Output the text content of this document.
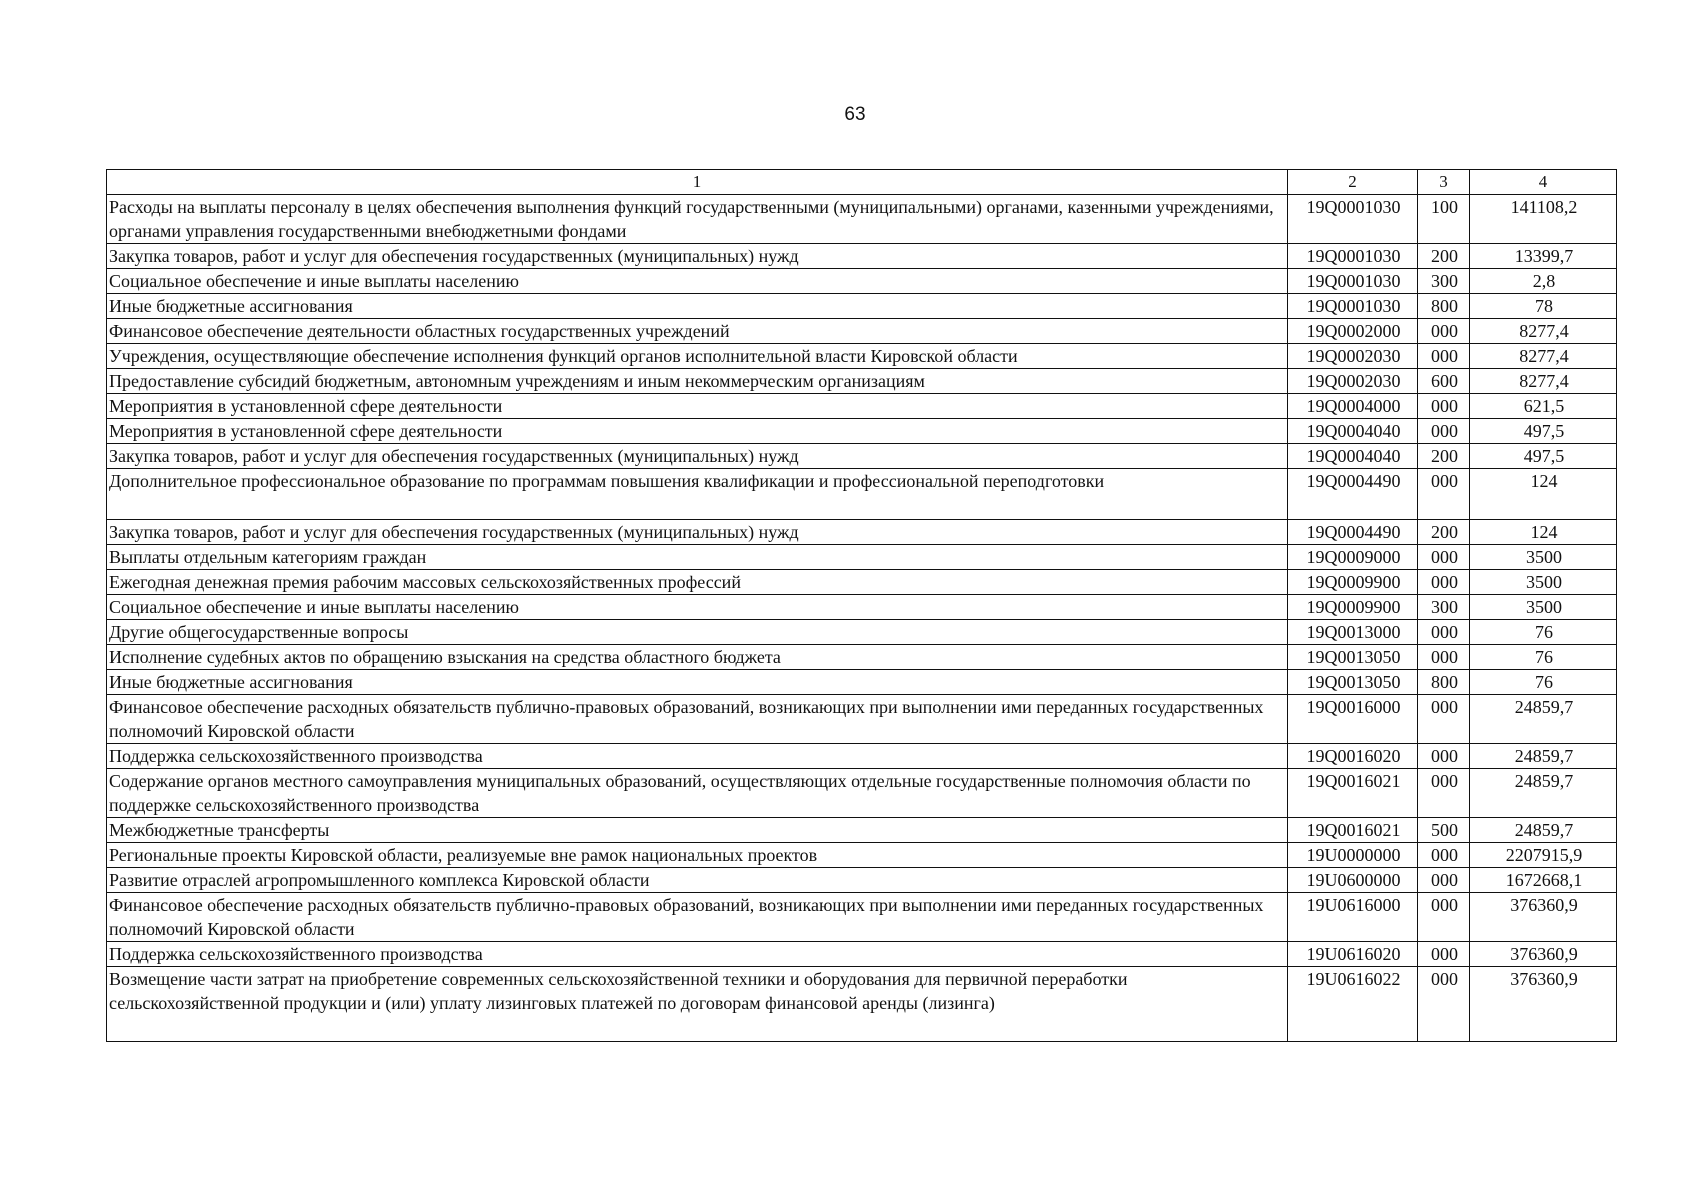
63
1	2	3	4
Расходы на выплаты персоналу в целях обеспечения выполнения функций государственными (муниципальными) органами, казенными учреждениями, органами управления государственными внебюджетными фондами	19Q0001030	100	141108,2
Закупка товаров, работ и услуг для обеспечения государственных (муниципальных) нужд	19Q0001030	200	13399,7
Социальное обеспечение и иные выплаты населению	19Q0001030	300	2,8
Иные бюджетные ассигнования	19Q0001030	800	78
Финансовое обеспечение деятельности областных государственных учреждений	19Q0002000	000	8277,4
Учреждения, осуществляющие обеспечение исполнения функций органов исполнительной власти Кировской области	19Q0002030	000	8277,4
Предоставление субсидий бюджетным, автономным учреждениям и иным некоммерческим организациям	19Q0002030	600	8277,4
Мероприятия в установленной сфере деятельности	19Q0004000	000	621,5
Мероприятия в установленной сфере деятельности	19Q0004040	000	497,5
Закупка товаров, работ и услуг для обеспечения государственных (муниципальных) нужд	19Q0004040	200	497,5
Дополнительное профессиональное образование по программам повышения квалификации и профессиональной переподготовки	19Q0004490	000	124
Закупка товаров, работ и услуг для обеспечения государственных (муниципальных) нужд	19Q0004490	200	124
Выплаты отдельным категориям граждан	19Q0009000	000	3500
Ежегодная денежная премия рабочим массовых сельскохозяйственных профессий	19Q0009900	000	3500
Социальное обеспечение и иные выплаты населению	19Q0009900	300	3500
Другие общегосударственные вопросы	19Q0013000	000	76
Исполнение судебных актов по обращению взыскания на средства областного бюджета	19Q0013050	000	76
Иные бюджетные ассигнования	19Q0013050	800	76
Финансовое обеспечение расходных обязательств публично-правовых образований, возникающих при выполнении ими переданных государственных полномочий Кировской области	19Q0016000	000	24859,7
Поддержка сельскохозяйственного производства	19Q0016020	000	24859,7
Содержание органов местного самоуправления муниципальных образований, осуществляющих отдельные государственные полномочия области по поддержке сельскохозяйственного производства	19Q0016021	000	24859,7
Межбюджетные трансферты	19Q0016021	500	24859,7
Региональные проекты Кировской области, реализуемые вне рамок национальных проектов	19U0000000	000	2207915,9
Развитие отраслей агропромышленного комплекса Кировской области	19U0600000	000	1672668,1
Финансовое обеспечение расходных обязательств публично-правовых образований, возникающих при выполнении ими переданных государственных полномочий Кировской области	19U0616000	000	376360,9
Поддержка сельскохозяйственного производства	19U0616020	000	376360,9
Возмещение части затрат на приобретение современных сельскохозяйственной техники и оборудования для первичной переработки сельскохозяйственной продукции и (или) уплату лизинговых платежей по договорам финансовой аренды (лизинга)	19U0616022	000	376360,9
